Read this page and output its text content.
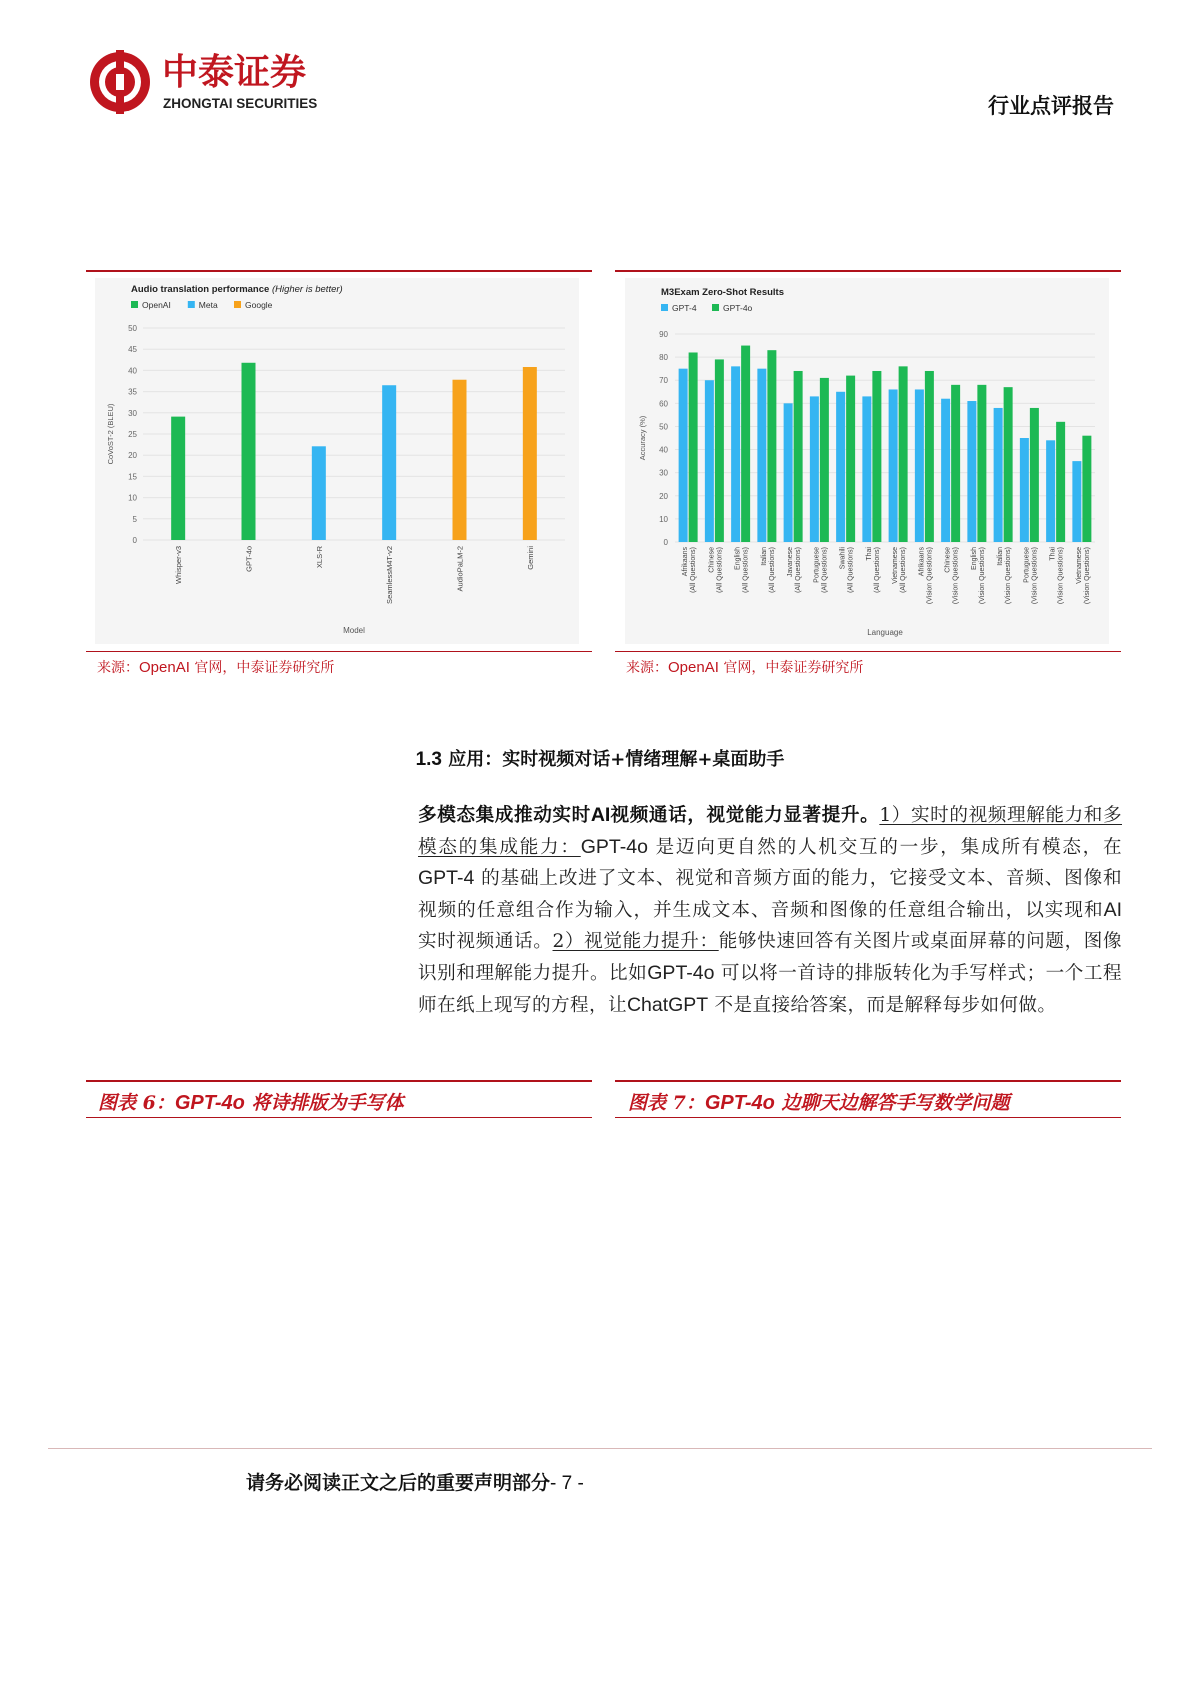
中泰证券
ZHONGTAI SECURITIES	行业点评报告
Audio translation performance (Higher is better)
OpenAI	Meta	Google
0
5
10
15
20
25
30
35
40
45
50
CoVoST-2 (BLEU)
Whisper-v3	GPT-4o	XLS-R	SeamlessM4T-v2	AudioPaLM-2	Gemini
Model
来源：OpenAI 官网，中泰证券研究所
M3Exam Zero-Shot Results
GPT-4	GPT-4o
0
10
20
30
40
50
60
70
80
90
Accuracy (%)
Afrikaans(All Questions) Chinese(All Questions) English(All Questions) Italian(All Questions) Javanese(All Questions) Portuguese(All Questions) Swahili(All Questions) Thai(All Questions) Vietnamese(All Questions) Afrikaans(Vision Questions) Chinese(Vision Questions) English(Vision Questions) Italian(Vision Questions) Portuguese(Vision Questions) Thai(Vision Questions) Vietnamese(Vision Questions)
Language
来源：OpenAI 官网，中泰证券研究所
1.3 应用：实时视频对话+情绪理解+桌面助手
多模态集成推动实时AI视频通话，视觉能力显著提升。1）实时的视频理解能力和多模态的集成能力：GPT-4o 是迈向更自然的人机交互的一步，集成所有模态，在GPT-4 的基础上改进了文本、视觉和音频方面的能力，它接受文本、音频、图像和视频的任意组合作为输入，并生成文本、音频和图像的任意组合输出，以实现和AI 实时视频通话。2）视觉能力提升：能够快速回答有关图片或桌面屏幕的问题，图像识别和理解能力提升。比如GPT-4o 可以将一首诗的排版转化为手写样式；一个工程师在纸上现写的方程，让ChatGPT 不是直接给答案，而是解释每步如何做。
图表 6：GPT-4o 将诗排版为手写体	图表 7：GPT-4o 边聊天边解答手写数学问题
请务必阅读正文之后的重要声明部分- 7 -
